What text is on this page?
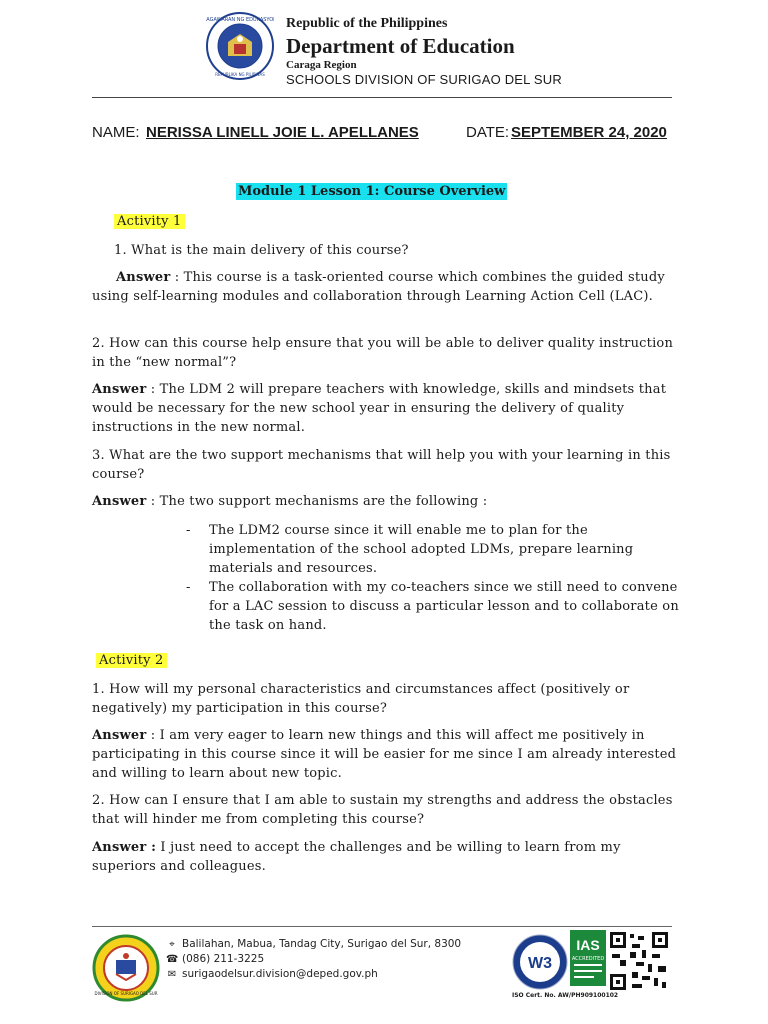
KAGAWARAN NG EDUKASYON
REPUBLIKA NG PILIPINAS
Republic of the Philippines
Department of Education
Caraga Region
SCHOOLS DIVISION OF SURIGAO DEL SUR
NAME: NERISSA LINELL JOIE L. APELLANES	DATE: SEPTEMBER 24, 2020
Module 1 Lesson 1: Course Overview
Activity 1
1. What is the main delivery of this course?
Answer : This course is a task-oriented course which combines the guided study using self-learning modules and collaboration through Learning Action Cell (LAC).
2. How can this course help ensure that you will be able to deliver quality instruction in the “new normal”?
Answer : The LDM 2 will prepare teachers with knowledge, skills and mindsets that would be necessary for the new school year in ensuring the delivery of quality instructions in the new normal.
3. What are the two support mechanisms that will help you with your learning in this course?
Answer : The two support mechanisms are the following :
- The LDM2 course since it will enable me to plan for the implementation of the school adopted LDMs, prepare learning materials and resources.
- The collaboration with my co-teachers since we still need to convene for a LAC session to discuss a particular lesson and to collaborate on the task on hand.
Activity 2
1. How will my personal characteristics and circumstances affect (positively or negatively) my participation in this course?
Answer : I am very eager to learn new things and this will affect me positively in participating in this course since it will be easier for me since I am already interested and willing to learn about new topic.
2. How can I ensure that I am able to sustain my strengths and address the obstacles that will hinder me from completing this course?
Answer : I just need to accept the challenges and be willing to learn from my superiors and colleagues.
DIVISION OF SURIGAO DEL SUR
⌖ Balilahan, Mabua, Tandag City, Surigao del Sur, 8300
☎ (086) 211-3225
✉ surigaodelsur.division@deped.gov.ph
W3
IAS
ACCREDITED
ISO Cert. No. AW/PH909100102
